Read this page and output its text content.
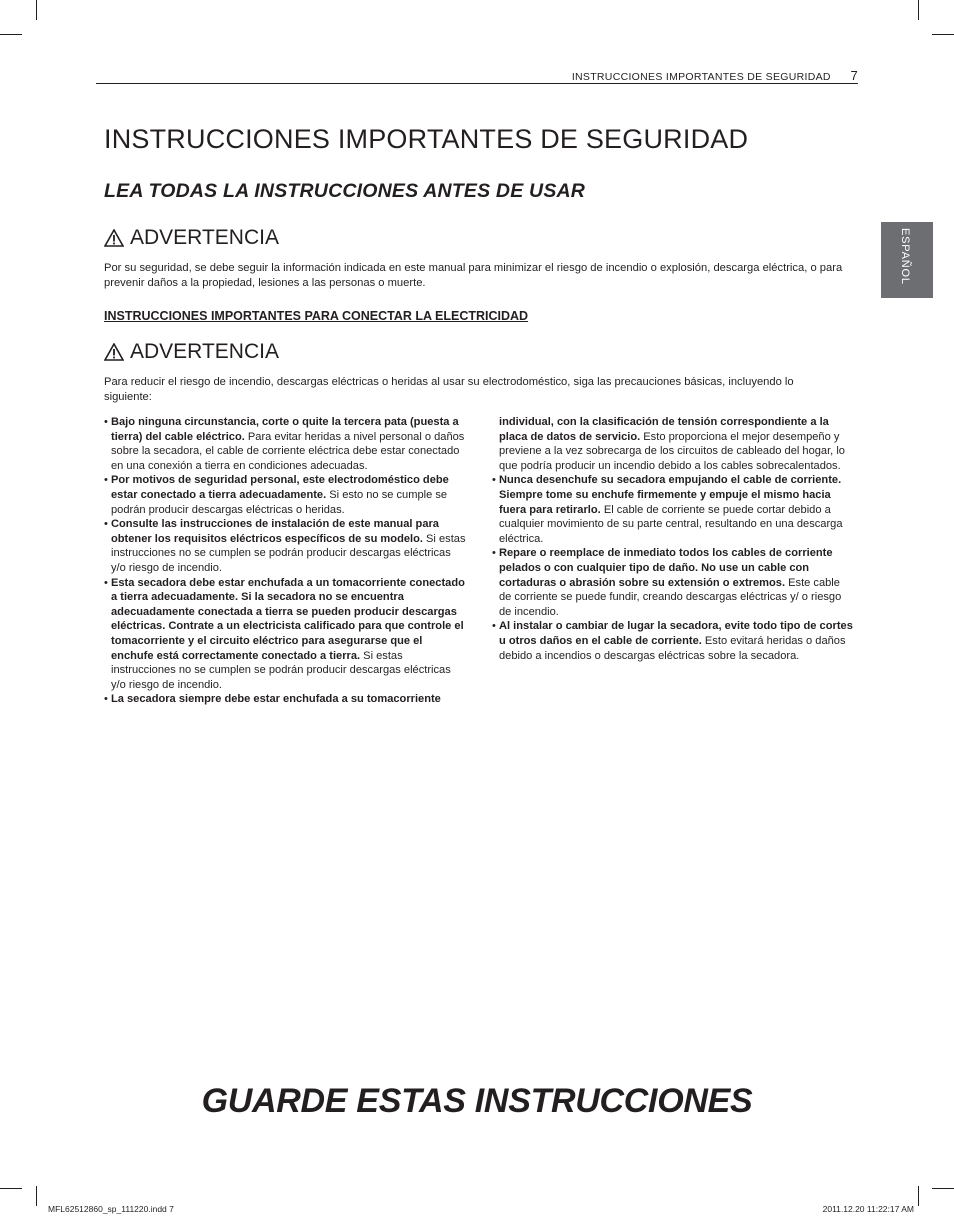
INSTRUCCIONES IMPORTANTES DE SEGURIDAD 7
ESPAÑOL
INSTRUCCIONES IMPORTANTES DE SEGURIDAD
LEA TODAS LA INSTRUCCIONES ANTES DE USAR
ADVERTENCIA

Por su seguridad, se debe seguir la información indicada en este manual para minimizar el riesgo de incendio o explosión, descarga eléctrica, o para prevenir daños a la propiedad, lesiones a las personas o muerte.

INSTRUCCIONES IMPORTANTES PARA CONECTAR LA ELECTRICIDAD
ADVERTENCIA

Para reducir el riesgo de incendio, descargas eléctricas o heridas al usar su electrodoméstico, siga las precauciones básicas, incluyendo lo siguiente:

• Bajo ninguna circunstancia, corte o quite la tercera pata (puesta a tierra) del cable eléctrico. Para evitar heridas a nivel personal o daños sobre la secadora, el cable de corriente eléctrica debe estar conectado en una conexión a tierra en condiciones adecuadas.

• Por motivos de seguridad personal, este electrodoméstico debe estar conectado a tierra adecuadamente. Si esto no se cumple se podrán producir descargas eléctricas o heridas.

• Consulte las instrucciones de instalación de este manual para obtener los requisitos eléctricos específicos de su modelo. Si estas instrucciones no se cumplen se podrán producir descargas eléctricas y/o riesgo de incendio.

• Esta secadora debe estar enchufada a un tomacorriente conectado a tierra adecuadamente. Si la secadora no se encuentra adecuadamente conectada a tierra se pueden producir descargas eléctricas. Contrate a un electricista calificado para que controle el tomacorriente y el circuito eléctrico para asegurarse que el enchufe está correctamente conectado a tierra. Si estas instrucciones no se cumplen se podrán producir descargas eléctricas y/o riesgo de incendio.

• La secadora siempre debe estar enchufada a su tomacorriente

individual, con la clasificación de tensión correspondiente a la placa de datos de servicio. Esto proporciona el mejor desempeño y previene a la vez sobrecarga de los circuitos de cableado del hogar, lo que podría producir un incendio debido a los cables sobrecalentados.

• Nunca desenchufe su secadora empujando el cable de corriente. Siempre tome su enchufe firmemente y empuje el mismo hacia fuera para retirarlo. El cable de corriente se puede cortar debido a cualquier movimiento de su parte central, resultando en una descarga eléctrica.

• Repare o reemplace de inmediato todos los cables de corriente pelados o con cualquier tipo de daño. No use un cable con cortaduras o abrasión sobre su extensión o extremos. Este cable de corriente se puede fundir, creando descargas eléctricas y/ o riesgo de incendio.

• Al instalar o cambiar de lugar la secadora, evite todo tipo de cortes u otros daños en el cable de corriente. Esto evitará heridas o daños debido a incendios o descargas eléctricas sobre la secadora.

GUARDE ESTAS INSTRUCCIONES
MFL62512860_sp_111220.indd 7	2011.12.20 11:22:17 AM
